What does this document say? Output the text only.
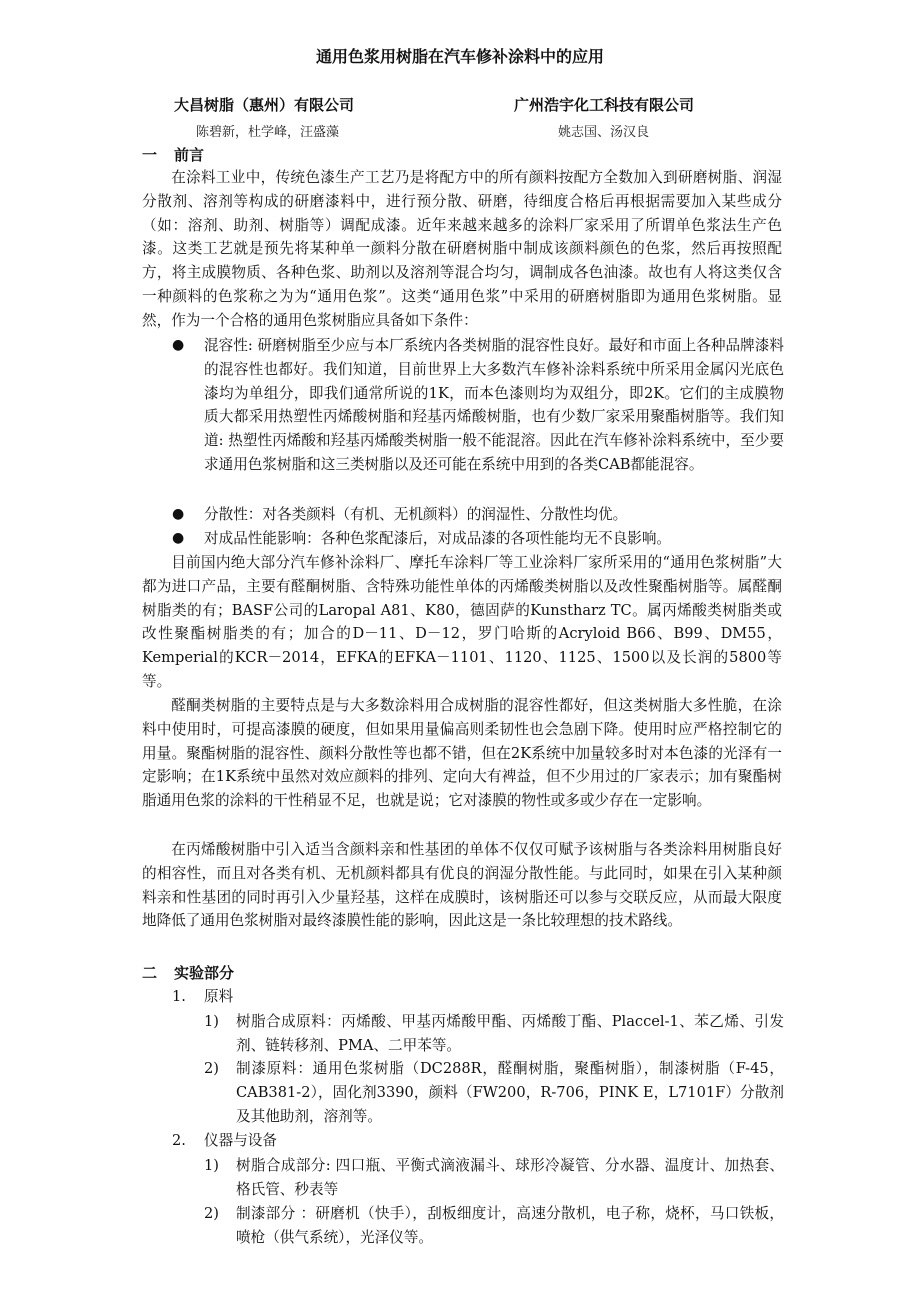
通用色浆用树脂在汽车修补涂料中的应用
大昌树脂（惠州）有限公司	广州浩宇化工科技有限公司
陈碧新，杜学峰，汪盛藻	姚志国、汤汉良
一 前言

在涂料工业中，传统色漆生产工艺乃是将配方中的所有颜料按配方全数加入到研磨树脂、润湿分散剂、溶剂等构成的研磨漆料中，进行预分散、研磨，待细度合格后再根据需要加入某些成分（如：溶剂、助剂、树脂等）调配成漆。近年来越来越多的涂料厂家采用了所谓单色浆法生产色漆。这类工艺就是预先将某种单一颜料分散在研磨树脂中制成该颜料颜色的色浆，然后再按照配方，将主成膜物质、各种色浆、助剂以及溶剂等混合均匀，调制成各色油漆。故也有人将这类仅含一种颜料的色浆称之为为“通用色浆”。这类“通用色浆”中采用的研磨树脂即为通用色浆树脂。显然，作为一个合格的通用色浆树脂应具备如下条件：

● 混容性: 研磨树脂至少应与本厂系统内各类树脂的混容性良好。最好和市面上各种品牌漆料的混容性也都好。我们知道，目前世界上大多数汽车修补涂料系统中所采用金属闪光底色漆均为单组分，即我们通常所说的1K，而本色漆则均为双组分，即2K。它们的主成膜物质大都采用热塑性丙烯酸树脂和羟基丙烯酸树脂，也有少数厂家采用聚酯树脂等。我们知道: 热塑性丙烯酸和羟基丙烯酸类树脂一般不能混溶。因此在汽车修补涂料系统中，至少要求通用色浆树脂和这三类树脂以及还可能在系统中用到的各类CAB都能混容。
● 分散性：对各类颜料（有机、无机颜料）的润湿性、分散性均优。
● 对成品性能影响：各种色浆配漆后，对成品漆的各项性能均无不良影响。

目前国内绝大部分汽车修补涂料厂、摩托车涂料厂等工业涂料厂家所采用的“通用色浆树脂”大都为进口产品，主要有醛酮树脂、含特殊功能性单体的丙烯酸类树脂以及改性聚酯树脂等。属醛酮树脂类的有；BASF公司的Laropal A81、K80，德固萨的Kunstharz TC。属丙烯酸类树脂类或改性聚酯树脂类的有；加合的D－11、D－12，罗门哈斯的Acryloid B66、B99、DM55，Kemperial的KCR－2014，EFKA的EFKA－1101、1120、1125、1500以及长润的5800等等。

醛酮类树脂的主要特点是与大多数涂料用合成树脂的混容性都好，但这类树脂大多性脆，在涂料中使用时，可提高漆膜的硬度，但如果用量偏高则柔韧性也会急剧下降。使用时应严格控制它的用量。聚酯树脂的混容性、颜料分散性等也都不错，但在2K系统中加量较多时对本色漆的光泽有一定影响；在1K系统中虽然对效应颜料的排列、定向大有裨益，但不少用过的厂家表示；加有聚酯树脂通用色浆的涂料的干性稍显不足，也就是说；它对漆膜的物性或多或少存在一定影响。

在丙烯酸树脂中引入适当含颜料亲和性基团的单体不仅仅可赋予该树脂与各类涂料用树脂良好的相容性，而且对各类有机、无机颜料都具有优良的润湿分散性能。与此同时，如果在引入某种颜料亲和性基团的同时再引入少量羟基，这样在成膜时，该树脂还可以参与交联反应，从而最大限度地降低了通用色浆树脂对最终漆膜性能的影响，因此这是一条比较理想的技术路线。

二 实验部分
1. 原料
1) 树脂合成原料：丙烯酸、甲基丙烯酸甲酯、丙烯酸丁酯、Placcel-1、苯乙烯、引发剂、链转移剂、PMA、二甲苯等。
2) 制漆原料：通用色浆树脂（DC288R，醛酮树脂，聚酯树脂），制漆树脂（F-45， CAB381-2），固化剂3390，颜料（FW200，R-706，PINK E，L7101F）分散剂及其他助剂，溶剂等。
2. 仪器与设备
1) 树脂合成部分: 四口瓶、平衡式滴液漏斗、球形冷凝管、分水器、温度计、加热套、格氏管、秒表等
2) 制漆部分 ：研磨机（快手），刮板细度计，高速分散机，电子称，烧杯，马口铁板，喷枪（供气系统），光泽仪等。
